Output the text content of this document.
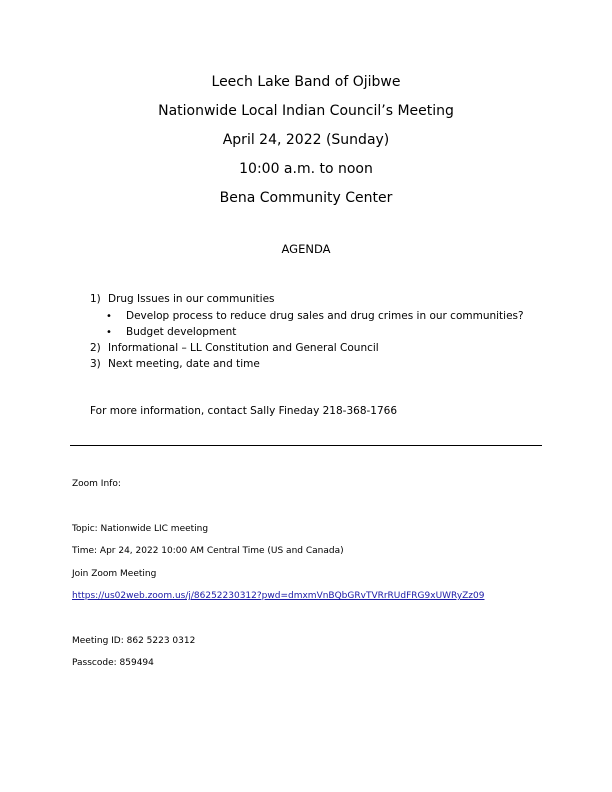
Leech Lake Band of Ojibwe
Nationwide Local Indian Council’s Meeting
April 24, 2022 (Sunday)
10:00 a.m. to noon
Bena Community Center
AGENDA
1) Drug Issues in our communities
• Develop process to reduce drug sales and drug crimes in our communities?
• Budget development
2) Informational – LL Constitution and General Council
3) Next meeting, date and time
For more information, contact Sally Fineday 218-368-1766
Zoom Info:
Topic: Nationwide LIC meeting
Time: Apr 24, 2022 10:00 AM Central Time (US and Canada)
Join Zoom Meeting
https://us02web.zoom.us/j/86252230312?pwd=dmxmVnBQbGRvTVRrRUdFRG9xUWRyZz09
Meeting ID: 862 5223 0312
Passcode: 859494
